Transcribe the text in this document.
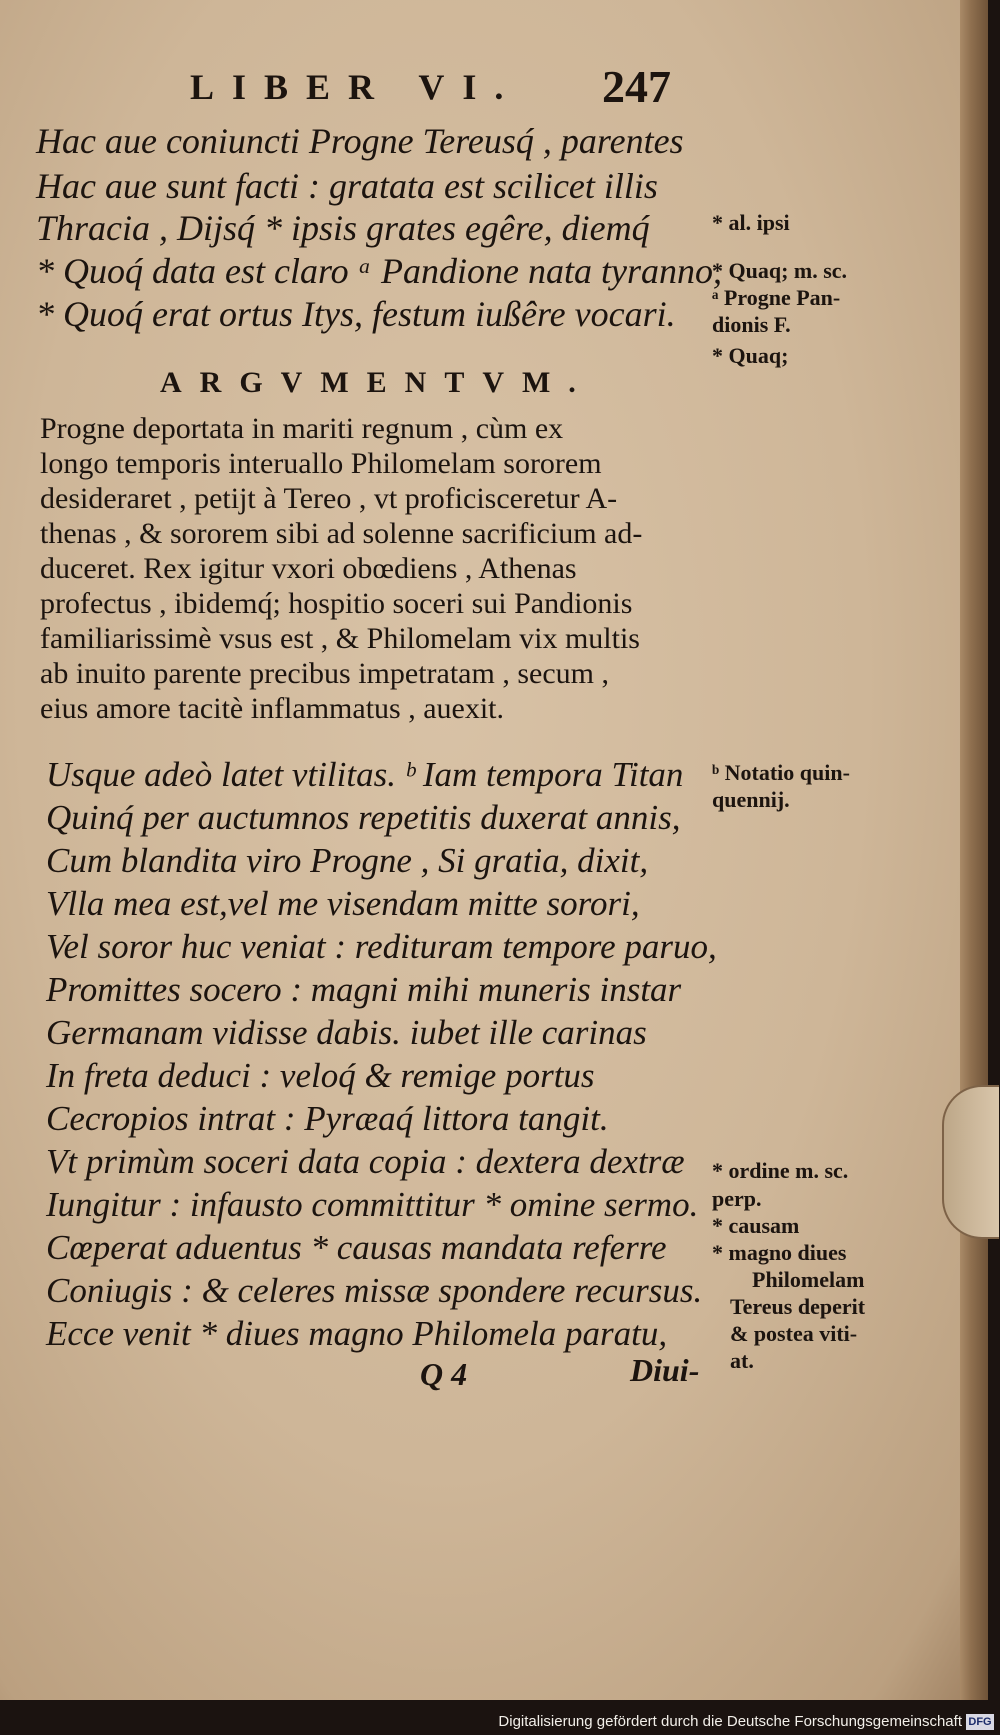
LIBER VI. 247
Hac aue coniuncti Progne Tereusq́ , parentes
Hac aue sunt facti : gratata est scilicet illis
Thracia , Dijsq́ * ipsis grates egêre, diemq́
* Quoq́ data est claro ᵃ Pandione nata tyranno,
* Quoq́ erat ortus Itys, festum iußêre vocari.
ARGVMENTVM.
Progne deportata in mariti regnum , cùm ex
longo temporis interuallo Philomelam sororem
desideraret , petijt à Tereo , vt proficisceretur A-
thenas , & sororem sibi ad solenne sacrificium ad-
duceret. Rex igitur vxori obœdiens , Athenas
profectus , ibidemq́; hospitio soceri sui Pandionis
familiarissimè vsus est , & Philomelam vix multis
ab inuito parente precibus impetratam , secum ,
eius amore tacitè inflammatus , auexit.
Usque adeò latet vtilitas. ᵇ Iam tempora Titan
Quinq́ per auctumnos repetitis duxerat annis,
Cum blandita viro Progne , Si gratia, dixit,
Vlla mea est,vel me visendam mitte sorori,
Vel soror huc veniat : redituram tempore paruo,
Promittes socero : magni mihi muneris instar
Germanam vidisse dabis. iubet ille carinas
In freta deduci : veloq́ & remige portus
Cecropios intrat : Pyræaq́ littora tangit.
Vt primùm soceri data copia : dextera dextræ
Iungitur : infausto committitur * omine sermo.
Cœperat aduentus * causas mandata referre
Coniugis : & celeres missæ spondere recursus.
Ecce venit * diues magno Philomela paratu,
* al. ipsi
* Quaq; m. sc.
ᵃ Progne Pan-
dionis F.
* Quaq;
ᵇ Notatio quin-
quennij.
* ordine m. sc.
perp.
* causam
* magno diues
Philomelam
Tereus deperit
& postea viti-
at.
Q 4	Diui-
Digitalisierung gefördert durch die Deutsche Forschungsgemeinschaft DFG
